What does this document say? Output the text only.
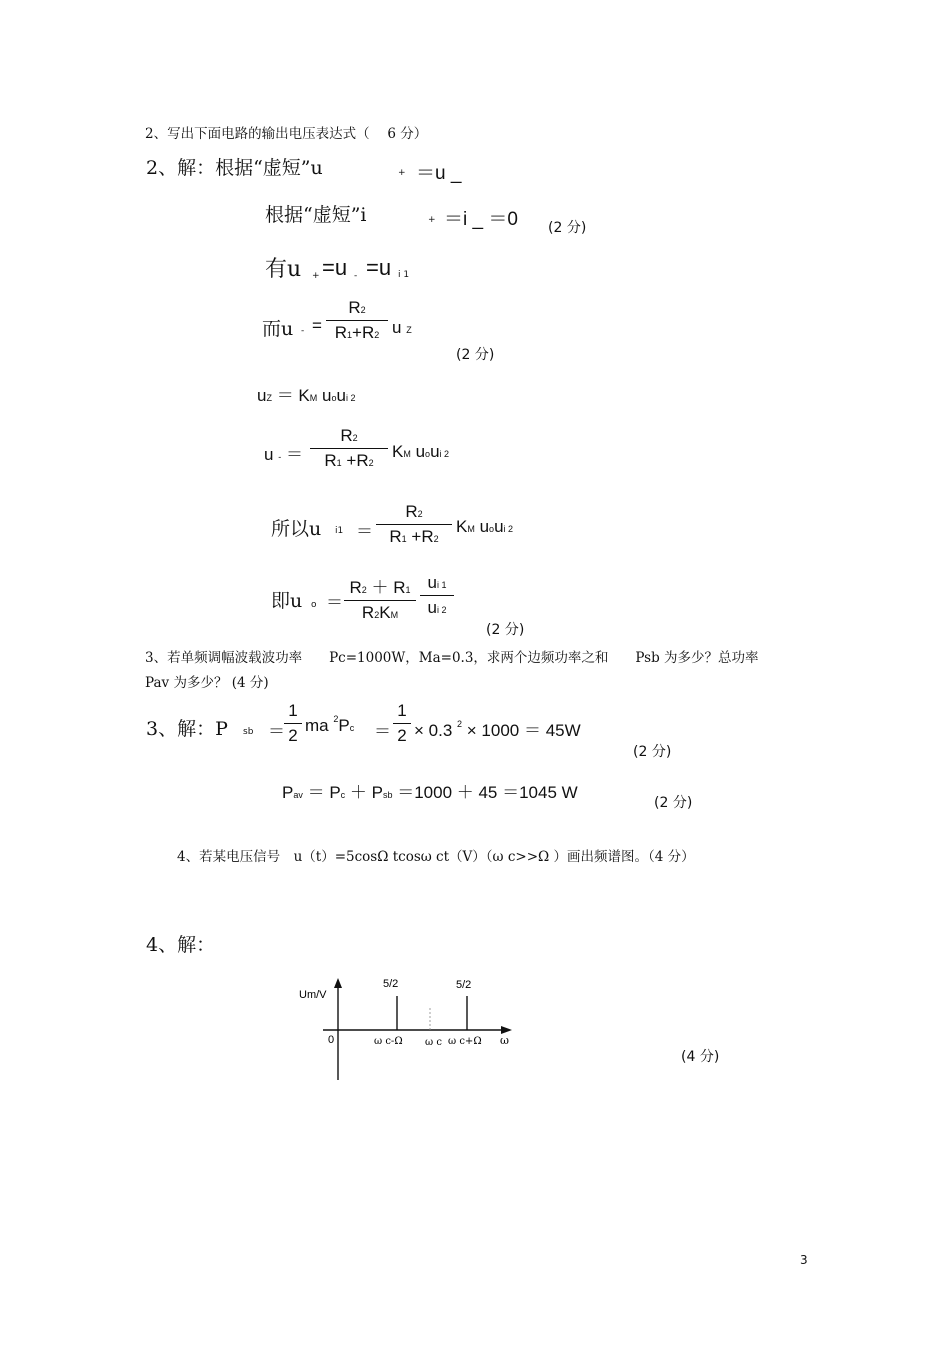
2、写出下面电路的输出电压表达式（　 6 分）
2、解：根据“虚短”u	+ ＝u _
根据“虚短”i	+ ＝i _ ＝0 (2 分)
有u + =u - =u i 1
而u - =
R2
R1+R2 u Z
(2 分)
uZ ＝ KM uoui 2
u - ＝
R2
R1 +R2
KM uoui 2
所以u i1 ＝
R2
R1 +R2
KM uoui 2
即u o ＝
R2 ＋ R1
R2KM
ui 1
ui 2
(2 分)
3、若单频调幅波载波功率　　Pc=1000W，Ma=0.3，求两个边频功率之和　　Psb 为多少？总功率
Pav 为多少？ (4 分)
3、解：P sb ＝
1
2
ma $^2$Pc ＝
1
2 × 0.3 $^2$ × 1000 ＝ 45W
(2 分)
Pav ＝ Pc ＋ Psb ＝1000 ＋ 45 ＝1045 W
(2 分)
4、若某电压信号　u（t）=5cosΩ tcosω ct（V）（ω c>>Ω ）画出频谱图。（4 分）
4、解：
Um/V
0
5/2	5/2
ω c-Ω ω c ω c+Ω ω
(4 分)
3
